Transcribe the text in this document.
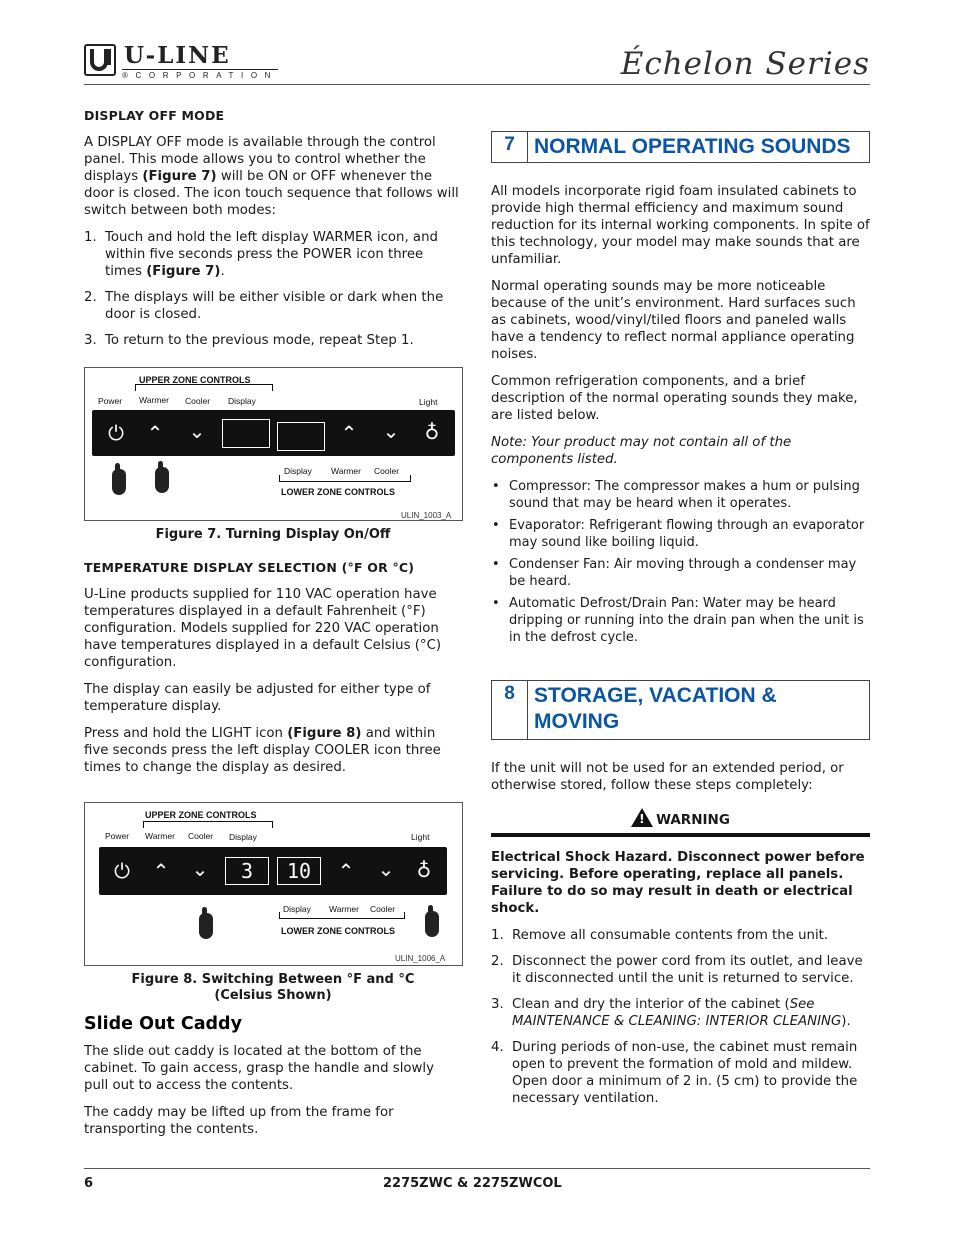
U-LINE
®CORPORATION	Échelon Series
DISPLAY OFF MODE

A DISPLAY OFF mode is available through the control panel. This mode allows you to control whether the displays (Figure 7) will be ON or OFF whenever the door is closed. The icon touch sequence that follows will switch between both modes:

1. Touch and hold the left display WARMER icon, and within five seconds press the POWER icon three times (Figure 7).
2. The displays will be either visible or dark when the door is closed.
3. To return to the previous mode, repeat Step 1.
UPPER ZONE CONTROLS
Power Warmer Cooler Display	Light
⏻ ⌃ ⌄	⌃ ⌄ ♁
Display Warmer Cooler
LOWER ZONE CONTROLS
ULIN_1003_A
Figure 7. Turning Display On/Off
TEMPERATURE DISPLAY SELECTION (°F OR °C)

U-Line products supplied for 110 VAC operation have temperatures displayed in a default Fahrenheit (°F) configuration. Models supplied for 220 VAC operation have temperatures displayed in a default Celsius (°C) configuration.

The display can easily be adjusted for either type of temperature display.

Press and hold the LIGHT icon (Figure 8) and within five seconds press the left display COOLER icon three times to change the display as desired.

UPPER ZONE CONTROLS
Power Warmer Cooler Display	Light
⏻ ⌃ ⌄	3	10	⌃ ⌄ ♁
Display Warmer Cooler
LOWER ZONE CONTROLS
ULIN_1006_A
Figure 8. Switching Between °F and °C
(Celsius Shown)
Slide Out Caddy

The slide out caddy is located at the bottom of the cabinet. To gain access, grasp the handle and slowly pull out to access the contents.

The caddy may be lifted up from the frame for transporting the contents.

7 NORMAL OPERATING SOUNDS

All models incorporate rigid foam insulated cabinets to provide high thermal efficiency and maximum sound reduction for its internal working components. In spite of this technology, your model may make sounds that are unfamiliar.

Normal operating sounds may be more noticeable because of the unit’s environment. Hard surfaces such as cabinets, wood/vinyl/tiled floors and paneled walls have a tendency to reflect normal appliance operating noises.

Common refrigeration components, and a brief description of the normal operating sounds they make, are listed below.

Note: Your product may not contain all of the components listed.

• Compressor: The compressor makes a hum or pulsing sound that may be heard when it operates.
• Evaporator: Refrigerant flowing through an evaporator may sound like boiling liquid.
• Condenser Fan: Air moving through a condenser may be heard.
• Automatic Defrost/Drain Pan: Water may be heard dripping or running into the drain pan when the unit is in the defrost cycle.
8 STORAGE, VACATION &
MOVING

If the unit will not be used for an extended period, or otherwise stored, follow these steps completely:

!WARNING

Electrical Shock Hazard. Disconnect power before servicing. Before operating, replace all panels. Failure to do so may result in death or electrical shock.

1. Remove all consumable contents from the unit.
2. Disconnect the power cord from its outlet, and leave it disconnected until the unit is returned to service.
3. Clean and dry the interior of the cabinet (See MAINTENANCE & CLEANING: INTERIOR CLEANING).
4. During periods of non-use, the cabinet must remain open to prevent the formation of mold and mildew. Open door a minimum of 2 in. (5 cm) to provide the necessary ventilation.
6	2275ZWC & 2275ZWCOL
